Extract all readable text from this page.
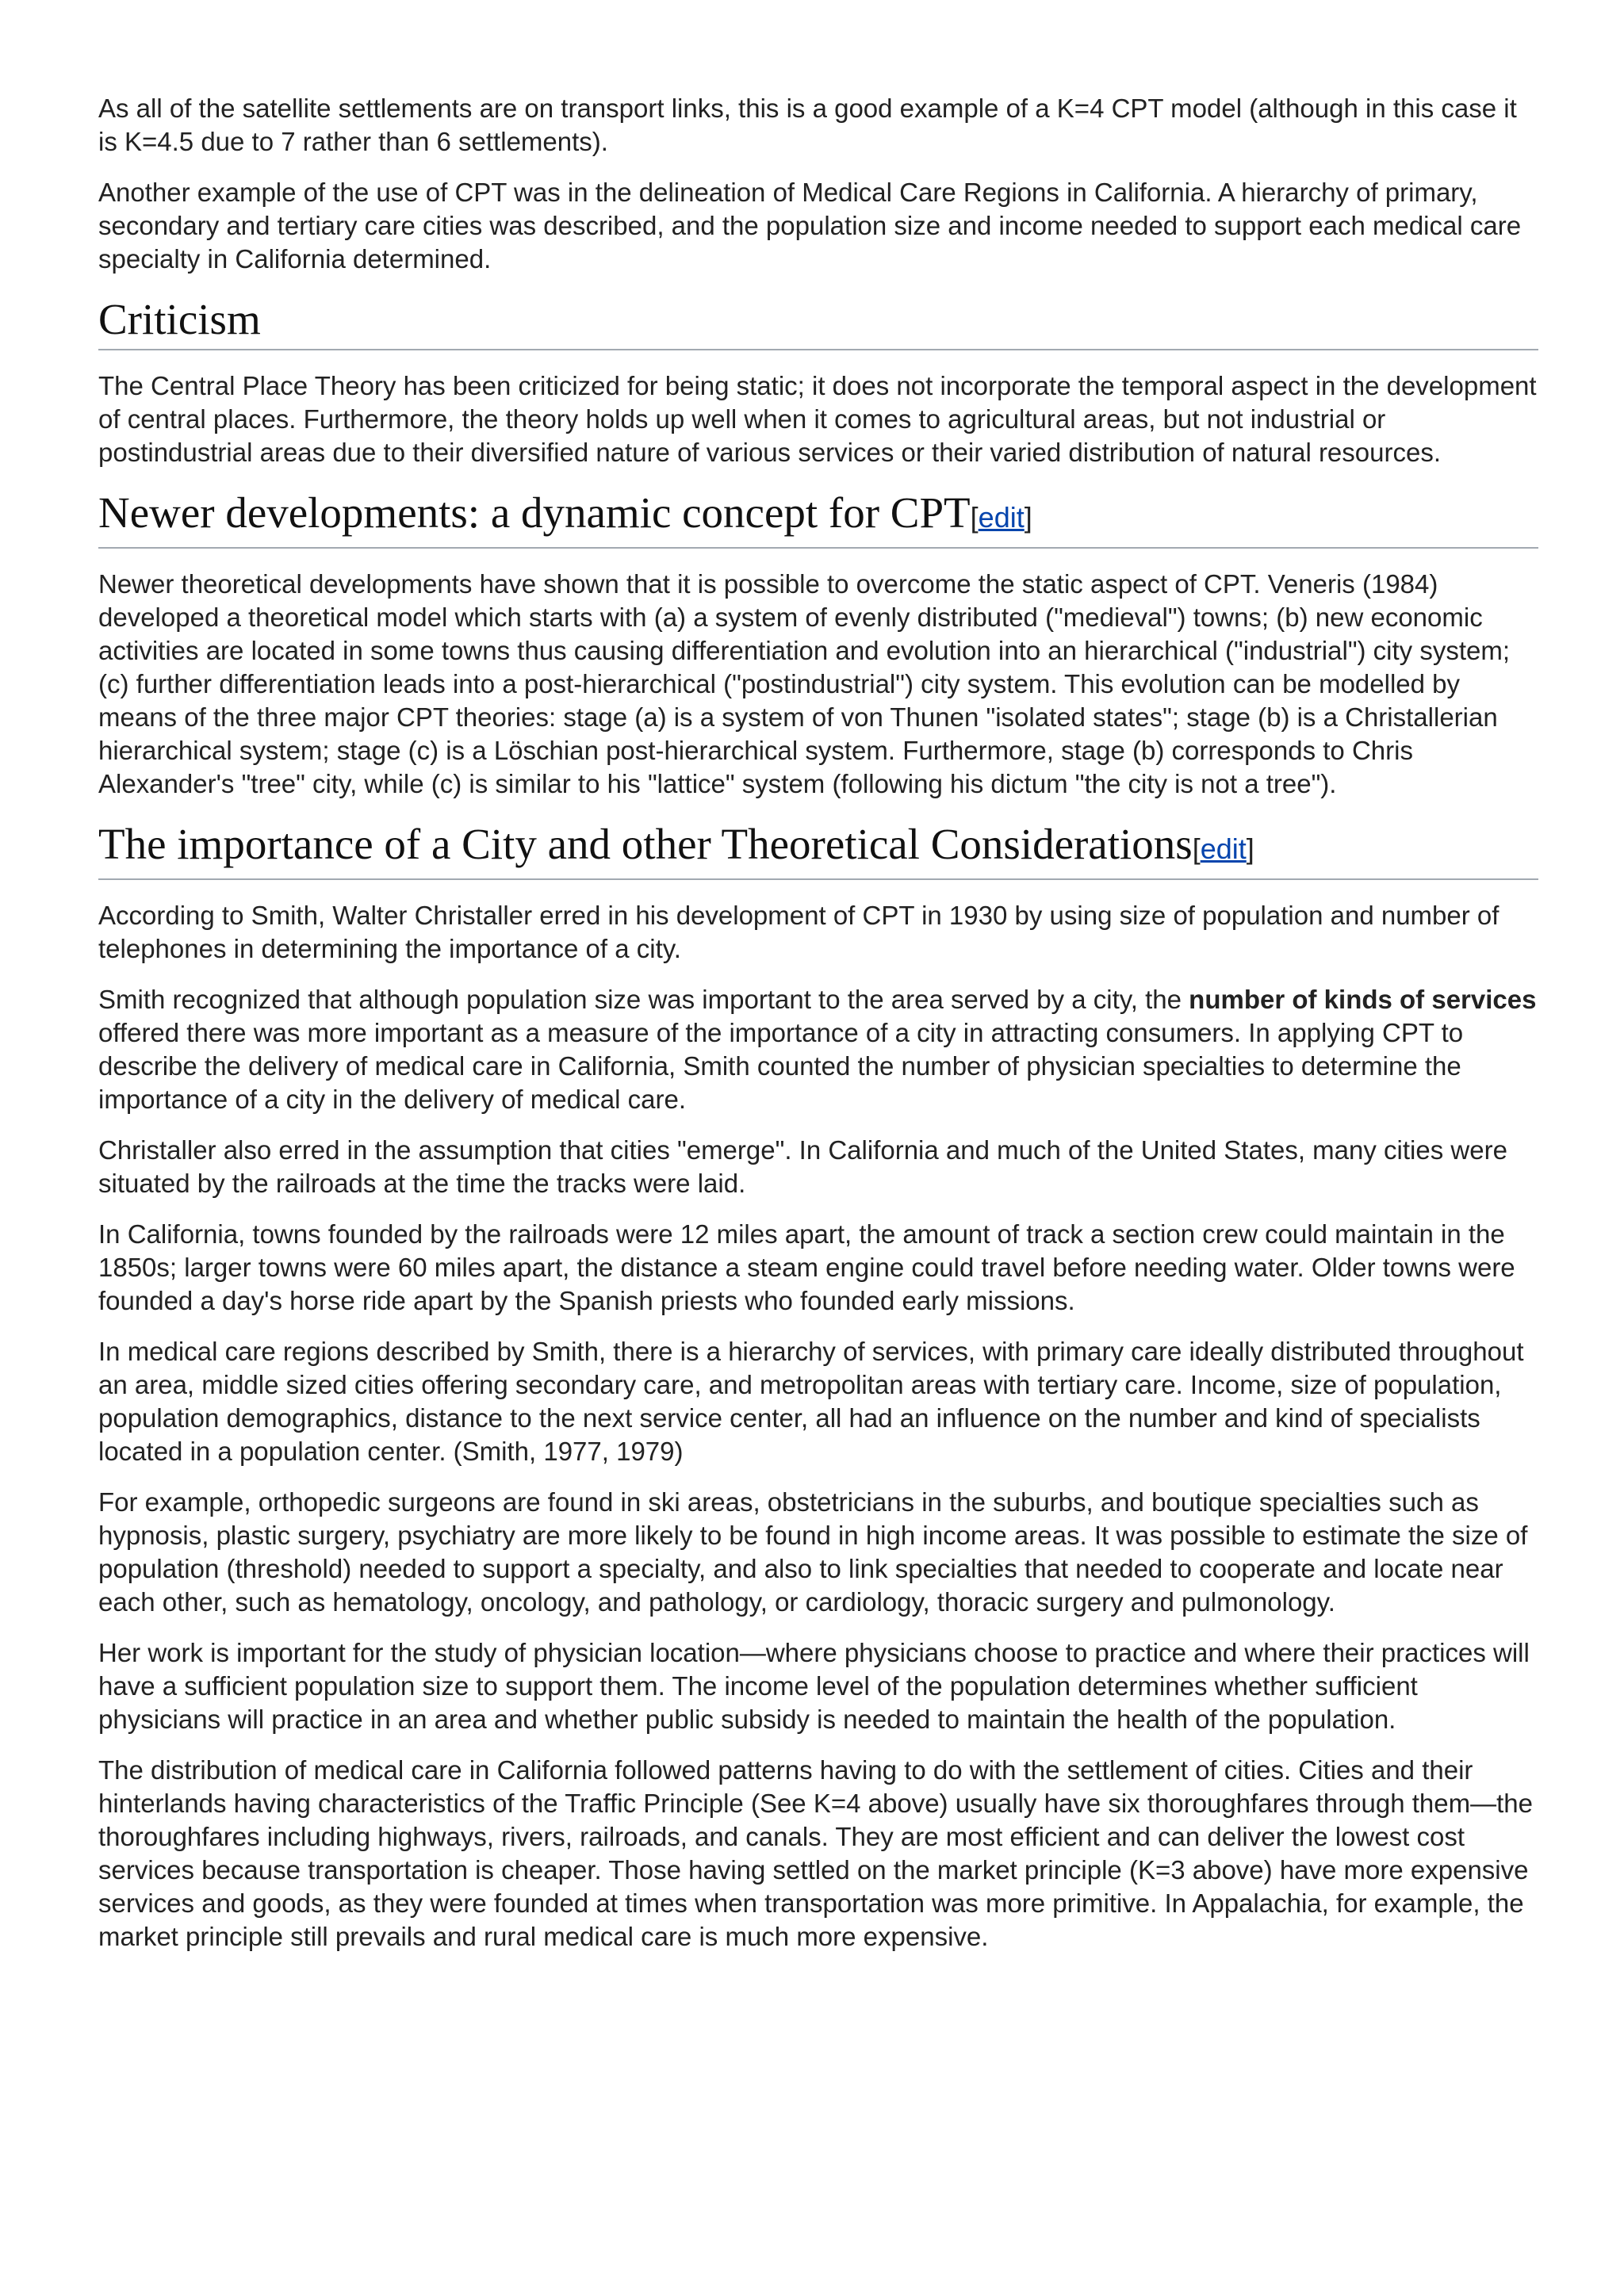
As all of the satellite settlements are on transport links, this is a good example of a K=4 CPT model (although in this case it is K=4.5 due to 7 rather than 6 settlements).

Another example of the use of CPT was in the delineation of Medical Care Regions in California. A hierarchy of primary, secondary and tertiary care cities was described, and the population size and income needed to support each medical care specialty in California determined.

Criticism

The Central Place Theory has been criticized for being static; it does not incorporate the temporal aspect in the development of central places. Furthermore, the theory holds up well when it comes to agricultural areas, but not industrial or postindustrial areas due to their diversified nature of various services or their varied distribution of natural resources.

Newer developments: a dynamic concept for CPT[edit]

Newer theoretical developments have shown that it is possible to overcome the static aspect of CPT. Veneris (1984) developed a theoretical model which starts with (a) a system of evenly distributed ("medieval") towns; (b) new economic activities are located in some towns thus causing differentiation and evolution into an hierarchical ("industrial") city system; (c) further differentiation leads into a post-hierarchical ("postindustrial") city system. This evolution can be modelled by means of the three major CPT theories: stage (a) is a system of von Thunen "isolated states"; stage (b) is a Christallerian hierarchical system; stage (c) is a Löschian post-hierarchical system. Furthermore, stage (b) corresponds to Chris Alexander's "tree" city, while (c) is similar to his "lattice" system (following his dictum "the city is not a tree").

The importance of a City and other Theoretical Considerations[edit]

According to Smith, Walter Christaller erred in his development of CPT in 1930 by using size of population and number of telephones in determining the importance of a city.

Smith recognized that although population size was important to the area served by a city, the number of kinds of services offered there was more important as a measure of the importance of a city in attracting consumers. In applying CPT to describe the delivery of medical care in California, Smith counted the number of physician specialties to determine the importance of a city in the delivery of medical care.

Christaller also erred in the assumption that cities "emerge". In California and much of the United States, many cities were situated by the railroads at the time the tracks were laid.

In California, towns founded by the railroads were 12 miles apart, the amount of track a section crew could maintain in the 1850s; larger towns were 60 miles apart, the distance a steam engine could travel before needing water. Older towns were founded a day's horse ride apart by the Spanish priests who founded early missions.

In medical care regions described by Smith, there is a hierarchy of services, with primary care ideally distributed throughout an area, middle sized cities offering secondary care, and metropolitan areas with tertiary care. Income, size of population, population demographics, distance to the next service center, all had an influence on the number and kind of specialists located in a population center. (Smith, 1977, 1979)

For example, orthopedic surgeons are found in ski areas, obstetricians in the suburbs, and boutique specialties such as hypnosis, plastic surgery, psychiatry are more likely to be found in high income areas. It was possible to estimate the size of population (threshold) needed to support a specialty, and also to link specialties that needed to cooperate and locate near each other, such as hematology, oncology, and pathology, or cardiology, thoracic surgery and pulmonology.

Her work is important for the study of physician location—where physicians choose to practice and where their practices will have a sufficient population size to support them. The income level of the population determines whether sufficient physicians will practice in an area and whether public subsidy is needed to maintain the health of the population.

The distribution of medical care in California followed patterns having to do with the settlement of cities. Cities and their hinterlands having characteristics of the Traffic Principle (See K=4 above) usually have six thoroughfares through them—the thoroughfares including highways, rivers, railroads, and canals. They are most efficient and can deliver the lowest cost services because transportation is cheaper. Those having settled on the market principle (K=3 above) have more expensive services and goods, as they were founded at times when transportation was more primitive. In Appalachia, for example, the market principle still prevails and rural medical care is much more expensive.
